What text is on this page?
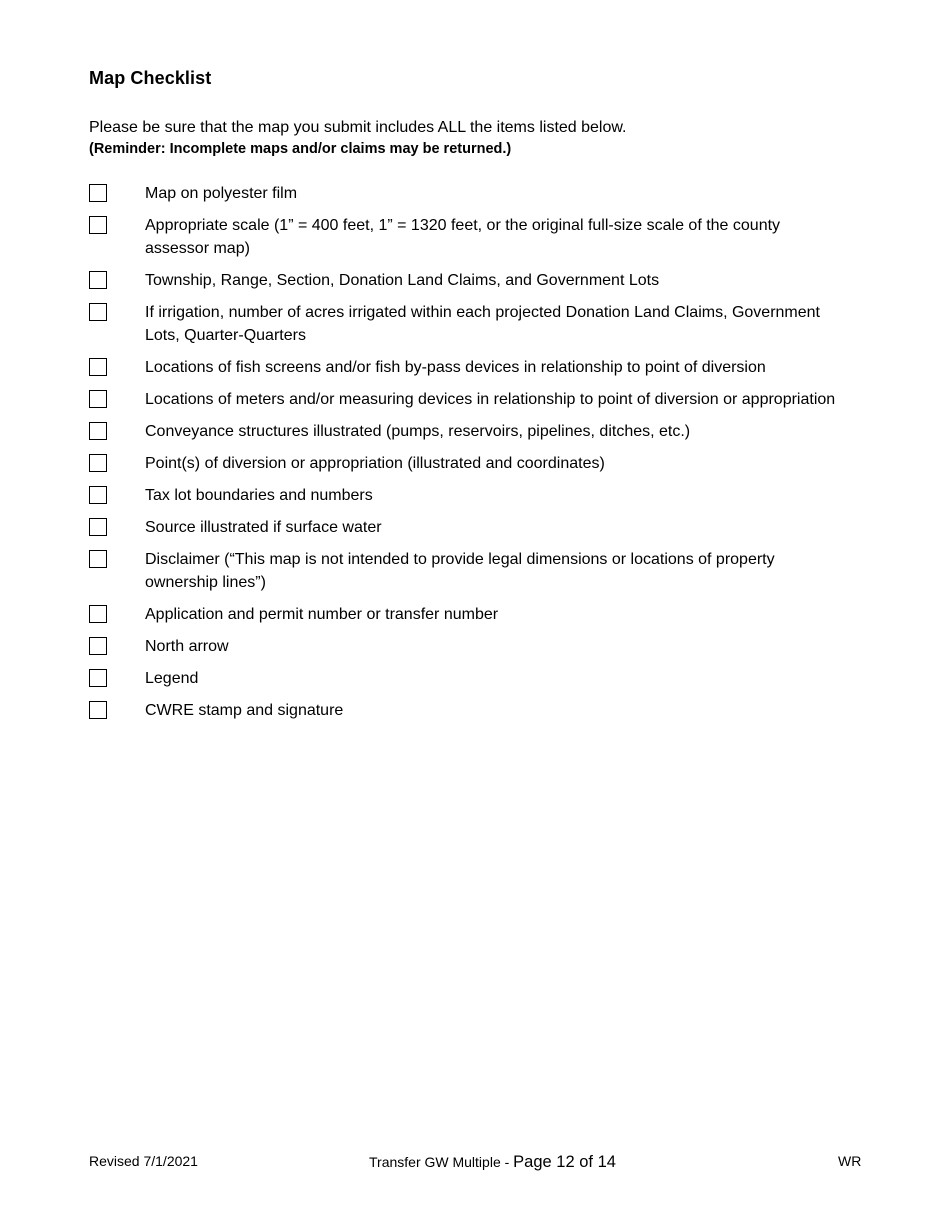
Map Checklist
Please be sure that the map you submit includes ALL the items listed below.
(Reminder: Incomplete maps and/or claims may be returned.)
Map on polyester film
Appropriate scale (1” = 400 feet, 1” = 1320 feet, or the original full-size scale of the county assessor map)
Township, Range, Section, Donation Land Claims, and Government Lots
If irrigation, number of acres irrigated within each projected Donation Land Claims, Government Lots, Quarter-Quarters
Locations of fish screens and/or fish by-pass devices in relationship to point of diversion
Locations of meters and/or measuring devices in relationship to point of diversion or appropriation
Conveyance structures illustrated (pumps, reservoirs, pipelines, ditches, etc.)
Point(s) of diversion or appropriation (illustrated and coordinates)
Tax lot boundaries and numbers
Source illustrated if surface water
Disclaimer (“This map is not intended to provide legal dimensions or locations of property ownership lines”)
Application and permit number or transfer number
North arrow
Legend
CWRE stamp and signature
Revised 7/1/2021	Transfer GW Multiple - Page 12 of 14	WR
